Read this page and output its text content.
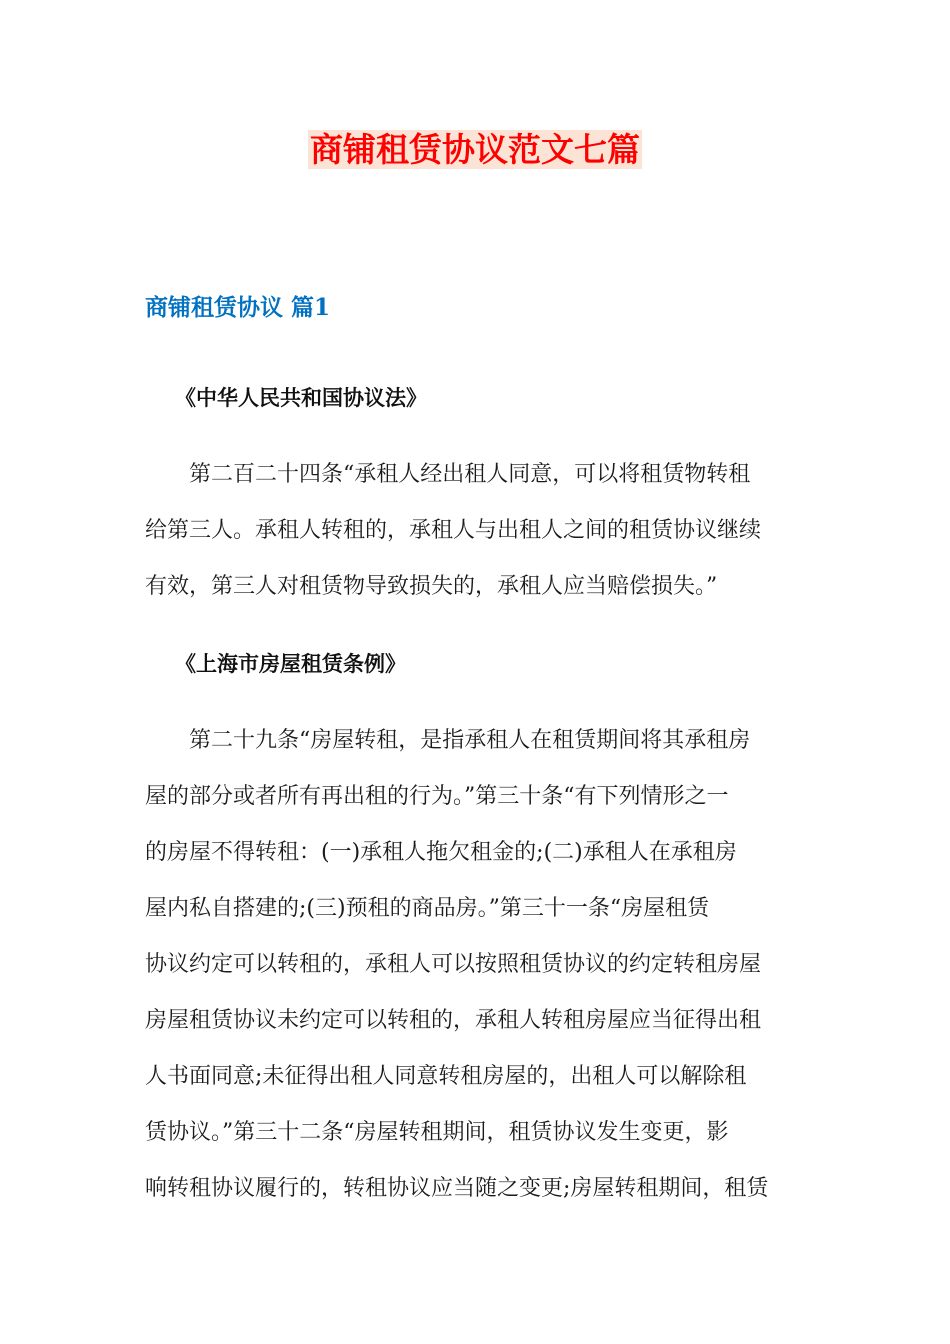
商铺租赁协议范文七篇
商铺租赁协议 篇1

《中华人民共和国协议法》

　　第二百二十四条“承租人经出租人同意，可以将租赁物转租
给第三人。承租人转租的，承租人与出租人之间的租赁协议继续
有效，第三人对租赁物导致损失的，承租人应当赔偿损失。”

《上海市房屋租赁条例》

　　第二十九条“房屋转租，是指承租人在租赁期间将其承租房
屋的部分或者所有再出租的行为。”第三十条“有下列情形之一
的房屋不得转租：(一)承租人拖欠租金的;(二)承租人在承租房
屋内私自搭建的;(三)预租的商品房。”第三十一条“房屋租赁
协议约定可以转租的，承租人可以按照租赁协议的约定转租房屋
房屋租赁协议未约定可以转租的，承租人转租房屋应当征得出租
人书面同意;未征得出租人同意转租房屋的，出租人可以解除租
赁协议。”第三十二条“房屋转租期间，租赁协议发生变更，影
响转租协议履行的，转租协议应当随之变更;房屋转租期间，租赁
